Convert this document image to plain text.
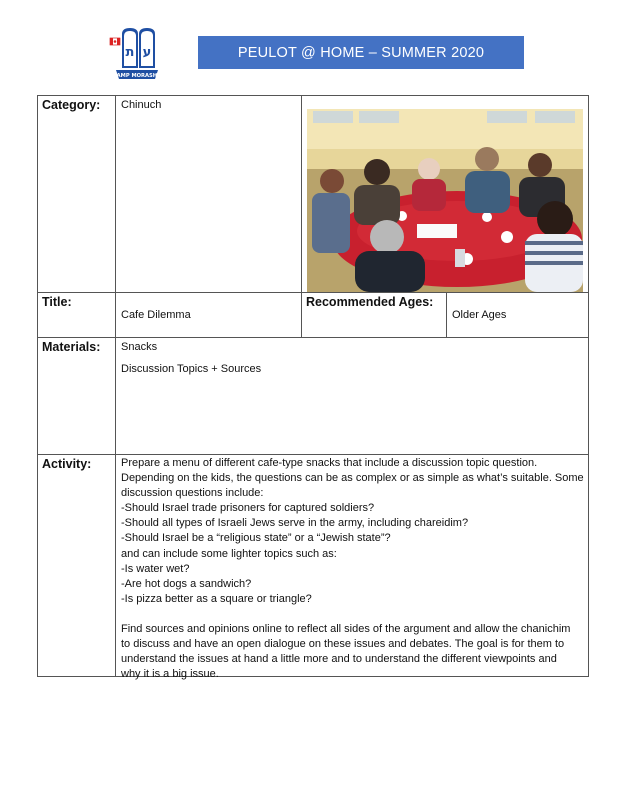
ת ע
CAMP MORASHA
PEULOT @ HOME – SUMMER 2020
Category:	Chinuch
Title:
Cafe Dilemma
Recommended Ages:
Older Ages
Materials:	Snacks
Discussion Topics + Sources
Activity:	Prepare a menu of different cafe-type snacks that include a discussion topic question.

Depending on the kids, the questions can be as complex or as simple as what’s suitable. Some

discussion questions include:

-Should Israel trade prisoners for captured soldiers?

-Should all types of Israeli Jews serve in the army, including chareidim?

-Should Israel be a “religious state” or a “Jewish state”?

and can include some lighter topics such as:

-Is water wet?

-Are hot dogs a sandwich?

-Is pizza better as a square or triangle?

Find sources and opinions online to reflect all sides of the argument and allow the chanichim

to discuss and have an open dialogue on these issues and debates. The goal is for them to

understand the issues at hand a little more and to understand the different viewpoints and

why it is a big issue.
